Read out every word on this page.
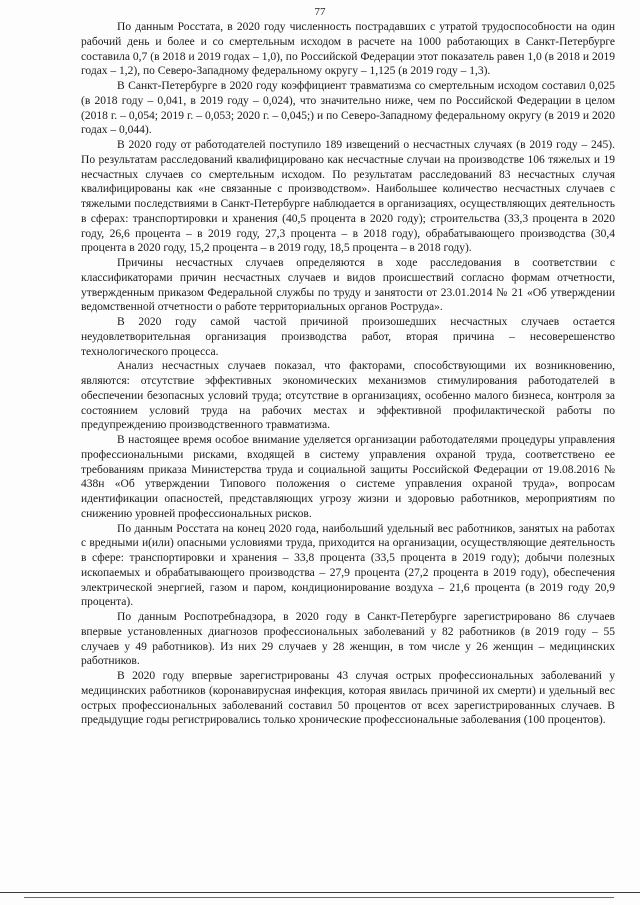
77

По данным Росстата, в 2020 году численность пострадавших с утратой трудоспособности на один рабочий день и более и со смертельным исходом в расчете на 1000 работающих в Санкт-Петербурге составила 0,7 (в 2018 и 2019 годах – 1,0), по Российской Федерации этот показатель равен 1,0 (в 2018 и 2019 годах – 1,2), по Северо-Западному федеральному округу – 1,125 (в 2019 году – 1,3).

В Санкт-Петербурге в 2020 году коэффициент травматизма со смертельным исходом составил 0,025 (в 2018 году – 0,041, в 2019 году – 0,024), что значительно ниже, чем по Российской Федерации в целом (2018 г. – 0,054; 2019 г. – 0,053; 2020 г. – 0,045;) и по Северо-Западному федеральному округу (в 2019 и 2020 годах – 0,044).

В 2020 году от работодателей поступило 189 извещений о несчастных случаях (в 2019 году – 245). По результатам расследований квалифицировано как несчастные случаи на производстве 106 тяжелых и 19 несчастных случаев со смертельным исходом. По результатам расследований 83 несчастных случая квалифицированы как «не связанные с производством». Наибольшее количество несчастных случаев с тяжелыми последствиями в Санкт-Петербурге наблюдается в организациях, осуществляющих деятельность в сферах: транспортировки и хранения (40,5 процента в 2020 году); строительства (33,3 процента в 2020 году, 26,6 процента – в 2019 году, 27,3 процента – в 2018 году), обрабатывающего производства (30,4 процента в 2020 году, 15,2 процента – в 2019 году, 18,5 процента – в 2018 году).

Причины несчастных случаев определяются в ходе расследования в соответствии с классификаторами причин несчастных случаев и видов происшествий согласно формам отчетности, утвержденным приказом Федеральной службы по труду и занятости от 23.01.2014 № 21 «Об утверждении ведомственной отчетности о работе территориальных органов Роструда».

В 2020 году самой частой причиной произошедших несчастных случаев остается неудовлетворительная организация производства работ, вторая причина – несоверешенство технологического процесса.

Анализ несчастных случаев показал, что факторами, способствующими их возникновению, являются: отсутствие эффективных экономических механизмов стимулирования работодателей в обеспечении безопасных условий труда; отсутствие в организациях, особенно малого бизнеса, контроля за состоянием условий труда на рабочих местах и эффективной профилактической работы по предупреждению производственного травматизма.

В настоящее время особое внимание уделяется организации работодателями процедуры управления профессиональными рисками, входящей в систему управления охраной труда, соответствено ее требованиям приказа Министерства труда и социальной защиты Российской Федерации от 19.08.2016 № 438н «Об утверждении Типового положения о системе управления охраной труда», вопросам идентификации опасностей, представляющих угрозу жизни и здоровью работников, мероприятиям по снижению уровней профессиональных рисков.

По данным Росстата на конец 2020 года, наибольший удельный вес работников, занятых на работах с вредными и(или) опасными условиями труда, приходится на организации, осуществляющие деятельность в сфере: транспортировки и хранения – 33,8 процента (33,5 процента в 2019 году); добычи полезных ископаемых и обрабатывающего производства – 27,9 процента (27,2 процента в 2019 году), обеспечения электрической энергией, газом и паром, кондиционирование воздуха – 21,6 процента (в 2019 году 20,9 процента).

По данным Роспотребнадзора, в 2020 году в Санкт-Петербурге зарегистрировано 86 случаев впервые установленных диагнозов профессиональных заболеваний у 82 работников (в 2019 году – 55 случаев у 49 работников). Из них 29 случаев у 28 женщин, в том числе у 26 женщин – медицинских работников.

В 2020 году впервые зарегистрированы 43 случая острых профессиональных заболеваний у медицинских работников (коронавирусная инфекция, которая явилась причиной их смерти) и удельный вес острых профессиональных заболеваний составил 50 процентов от всех зарегистрированных случаев. В предыдущие годы регистрировались только хронические профессиональные заболевания (100 процентов).
